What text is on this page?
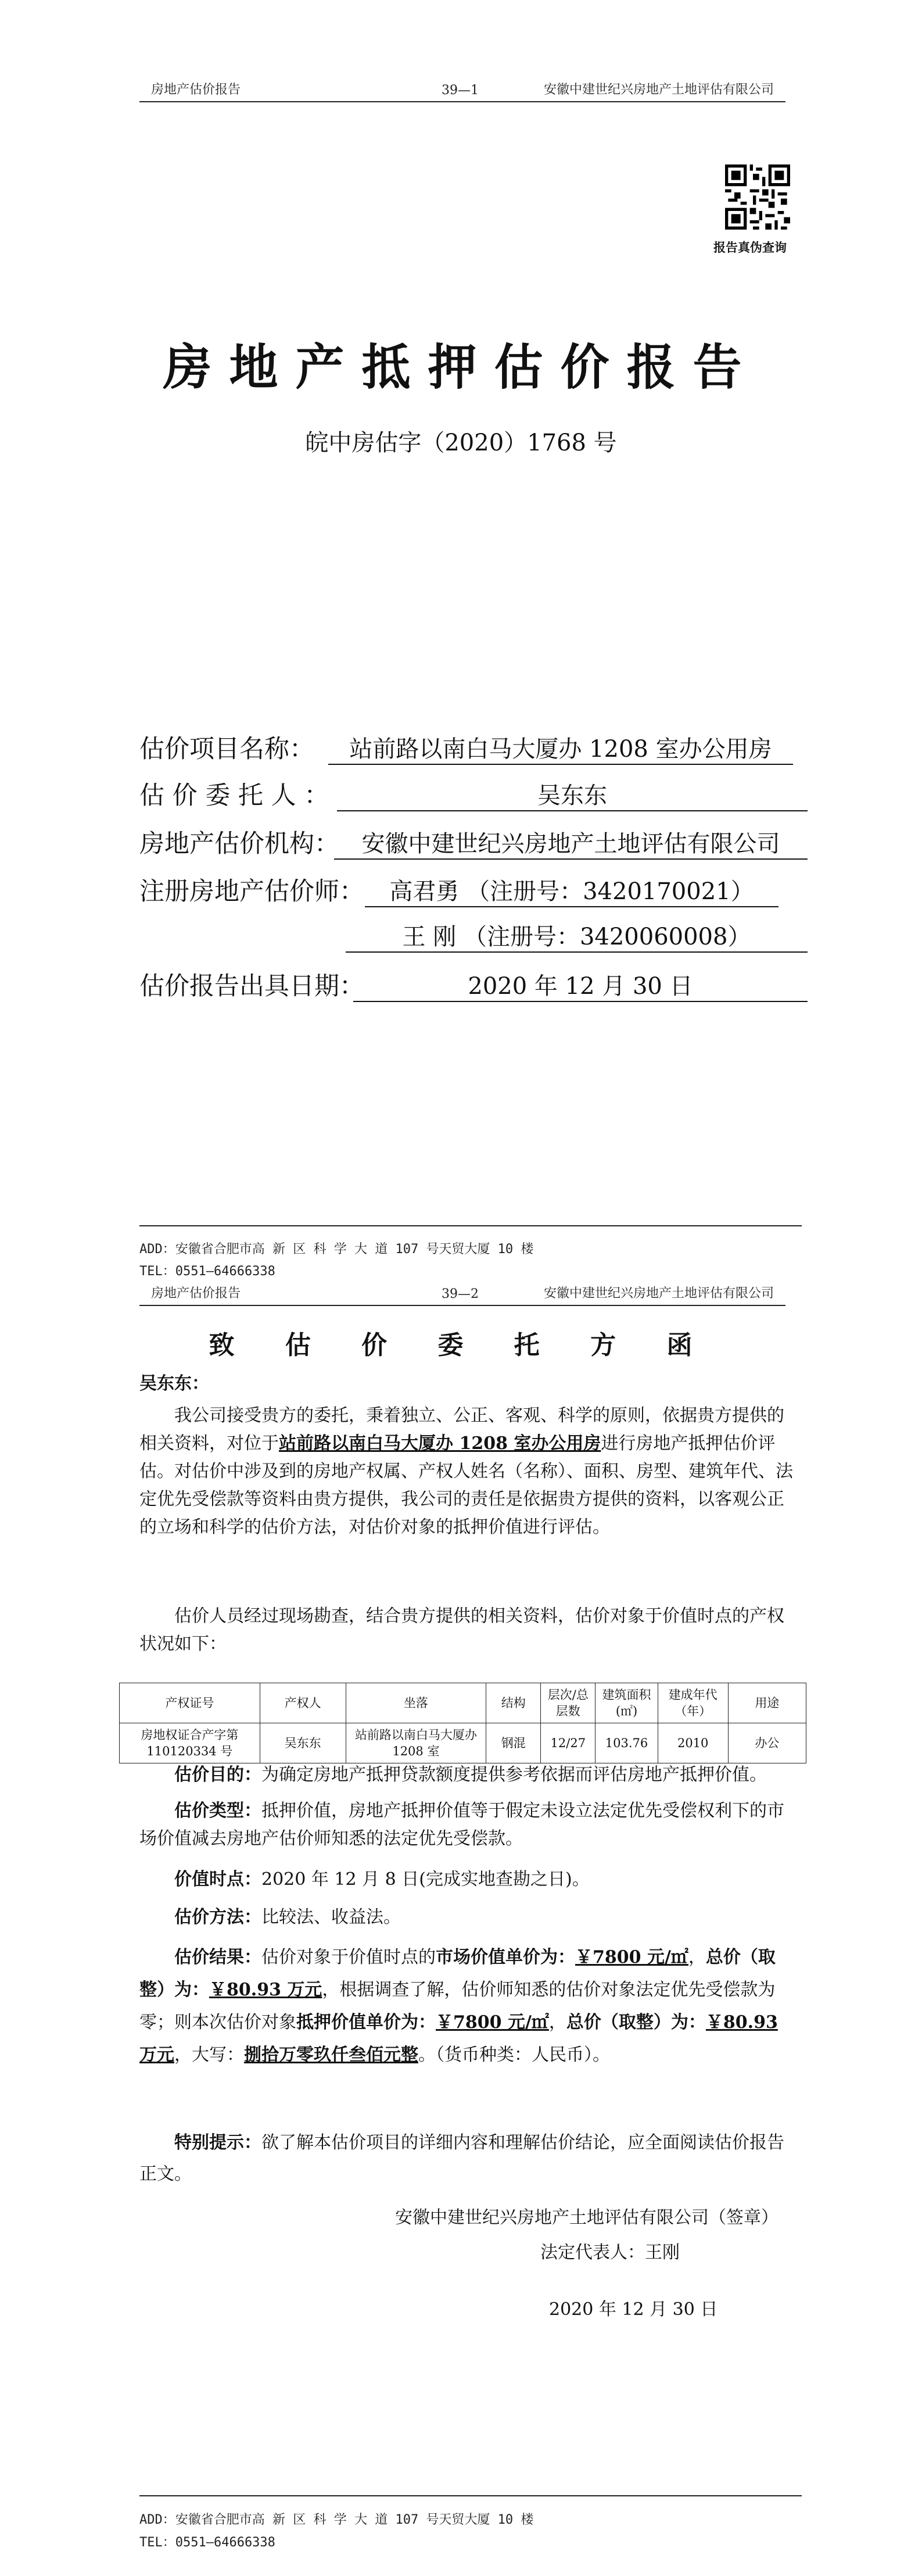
房地产估价报告	39—1	安徽中建世纪兴房地产土地评估有限公司
报告真伪查询
房地产抵押估价报告
皖中房估字（2020）1768 号
估价项目名称：	站前路以南白马大厦办 1208 室办公用房
估 价 委 托 人 ：	吴东东
房地产估价机构： 安徽中建世纪兴房地产土地评估有限公司
注册房地产估价师：	高君勇 （注册号：3420170021）
王 刚 （注册号：3420060008）
估价报告出具日期：	2020 年 12 月 30 日
ADD：安徽省合肥市高 新 区 科 学 大 道 107 号天贸大厦 10 楼
TEL：0551—64666338
房地产估价报告	39—2	安徽中建世纪兴房地产土地评估有限公司
致 估 价 委 托 方 函
吴东东：

我公司接受贵方的委托，秉着独立、公正、客观、科学的原则，依据贵方提供的相关资料，对位于站前路以南白马大厦办 1208 室办公用房进行房地产抵押估价评估。对估价中涉及到的房地产权属、产权人姓名（名称）、面积、房型、建筑年代、法定优先受偿款等资料由贵方提供，我公司的责任是依据贵方提供的资料，以客观公正的立场和科学的估价方法，对估价对象的抵押价值进行评估。

估价人员经过现场勘查，结合贵方提供的相关资料，估价对象于价值时点的产权状况如下：

产权证号	产权人	坐落	结构	层次/总层数	建筑面积(㎡)	建成年代（年）	用途
房地权证合产字第 110120334 号	吴东东	站前路以南白马大厦办 1208 室	钢混	12/27	103.76	2010	办公

估价目的：为确定房地产抵押贷款额度提供参考依据而评估房地产抵押价值。

估价类型：抵押价值，房地产抵押价值等于假定未设立法定优先受偿权利下的市场价值减去房地产估价师知悉的法定优先受偿款。

价值时点：2020 年 12 月 8 日(完成实地查勘之日)。

估价方法：比较法、收益法。

估价结果：估价对象于价值时点的市场价值单价为：￥7800 元/㎡，总价（取整）为：￥80.93 万元，根据调查了解，估价师知悉的估价对象法定优先受偿款为零；则本次估价对象抵押价值单价为：￥7800 元/㎡，总价（取整）为：￥80.93 万元，大写：捌拾万零玖仟叁佰元整。（货币种类：人民币）。

特别提示：欲了解本估价项目的详细内容和理解估价结论，应全面阅读估价报告正文。

安徽中建世纪兴房地产土地评估有限公司（签章）
法定代表人：王刚
2020 年 12 月 30 日
ADD：安徽省合肥市高 新 区 科 学 大 道 107 号天贸大厦 10 楼
TEL：0551—64666338
